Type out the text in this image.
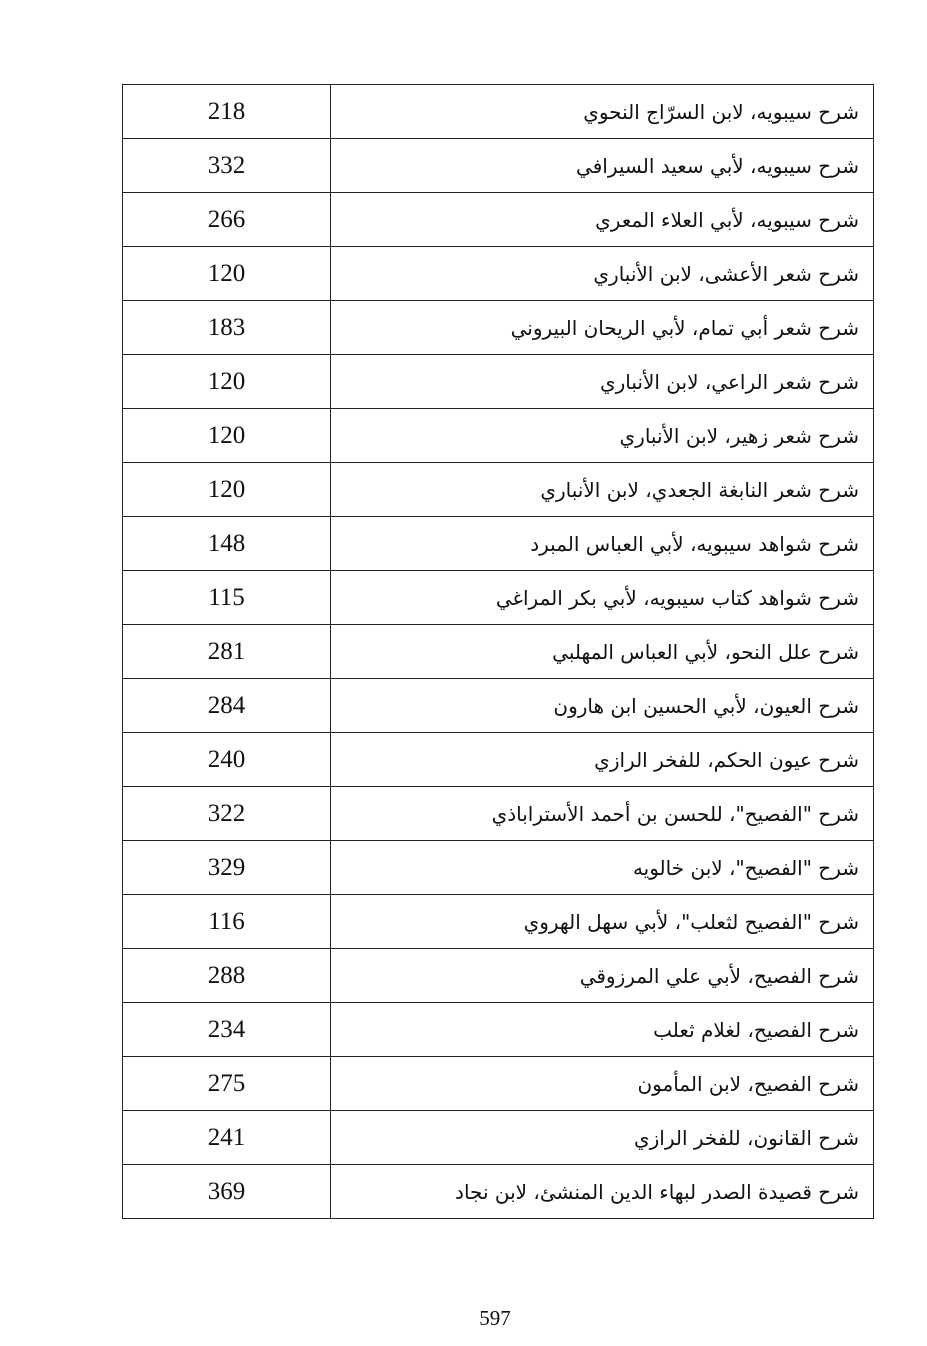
218	شرح سيبويه، لابن السرّاج النحوي
332	شرح سيبويه، لأبي سعيد السيرافي
266	شرح سيبويه، لأبي العلاء المعري
120	شرح شعر الأعشى، لابن الأنباري
183	شرح شعر أبي تمام، لأبي الريحان البيروني
120	شرح شعر الراعي، لابن الأنباري
120	شرح شعر زهير، لابن الأنباري
120	شرح شعر النابغة الجعدي، لابن الأنباري
148	شرح شواهد سيبويه، لأبي العباس المبرد
115	شرح شواهد كتاب سيبويه، لأبي بكر المراغي
281	شرح علل النحو، لأبي العباس المهلبي
284	شرح العيون، لأبي الحسين ابن هارون
240	شرح عيون الحكم، للفخر الرازي
322	شرح "الفصيح"، للحسن بن أحمد الأستراباذي
329	شرح "الفصيح"، لابن خالويه
116	شرح "الفصيح لثعلب"، لأبي سهل الهروي
288	شرح الفصيح، لأبي علي المرزوقي
234	شرح الفصيح، لغلام ثعلب
275	شرح الفصيح، لابن المأمون
241	شرح القانون، للفخر الرازي
369	شرح قصيدة الصدر لبهاء الدين المنشئ، لابن نجاد
597
